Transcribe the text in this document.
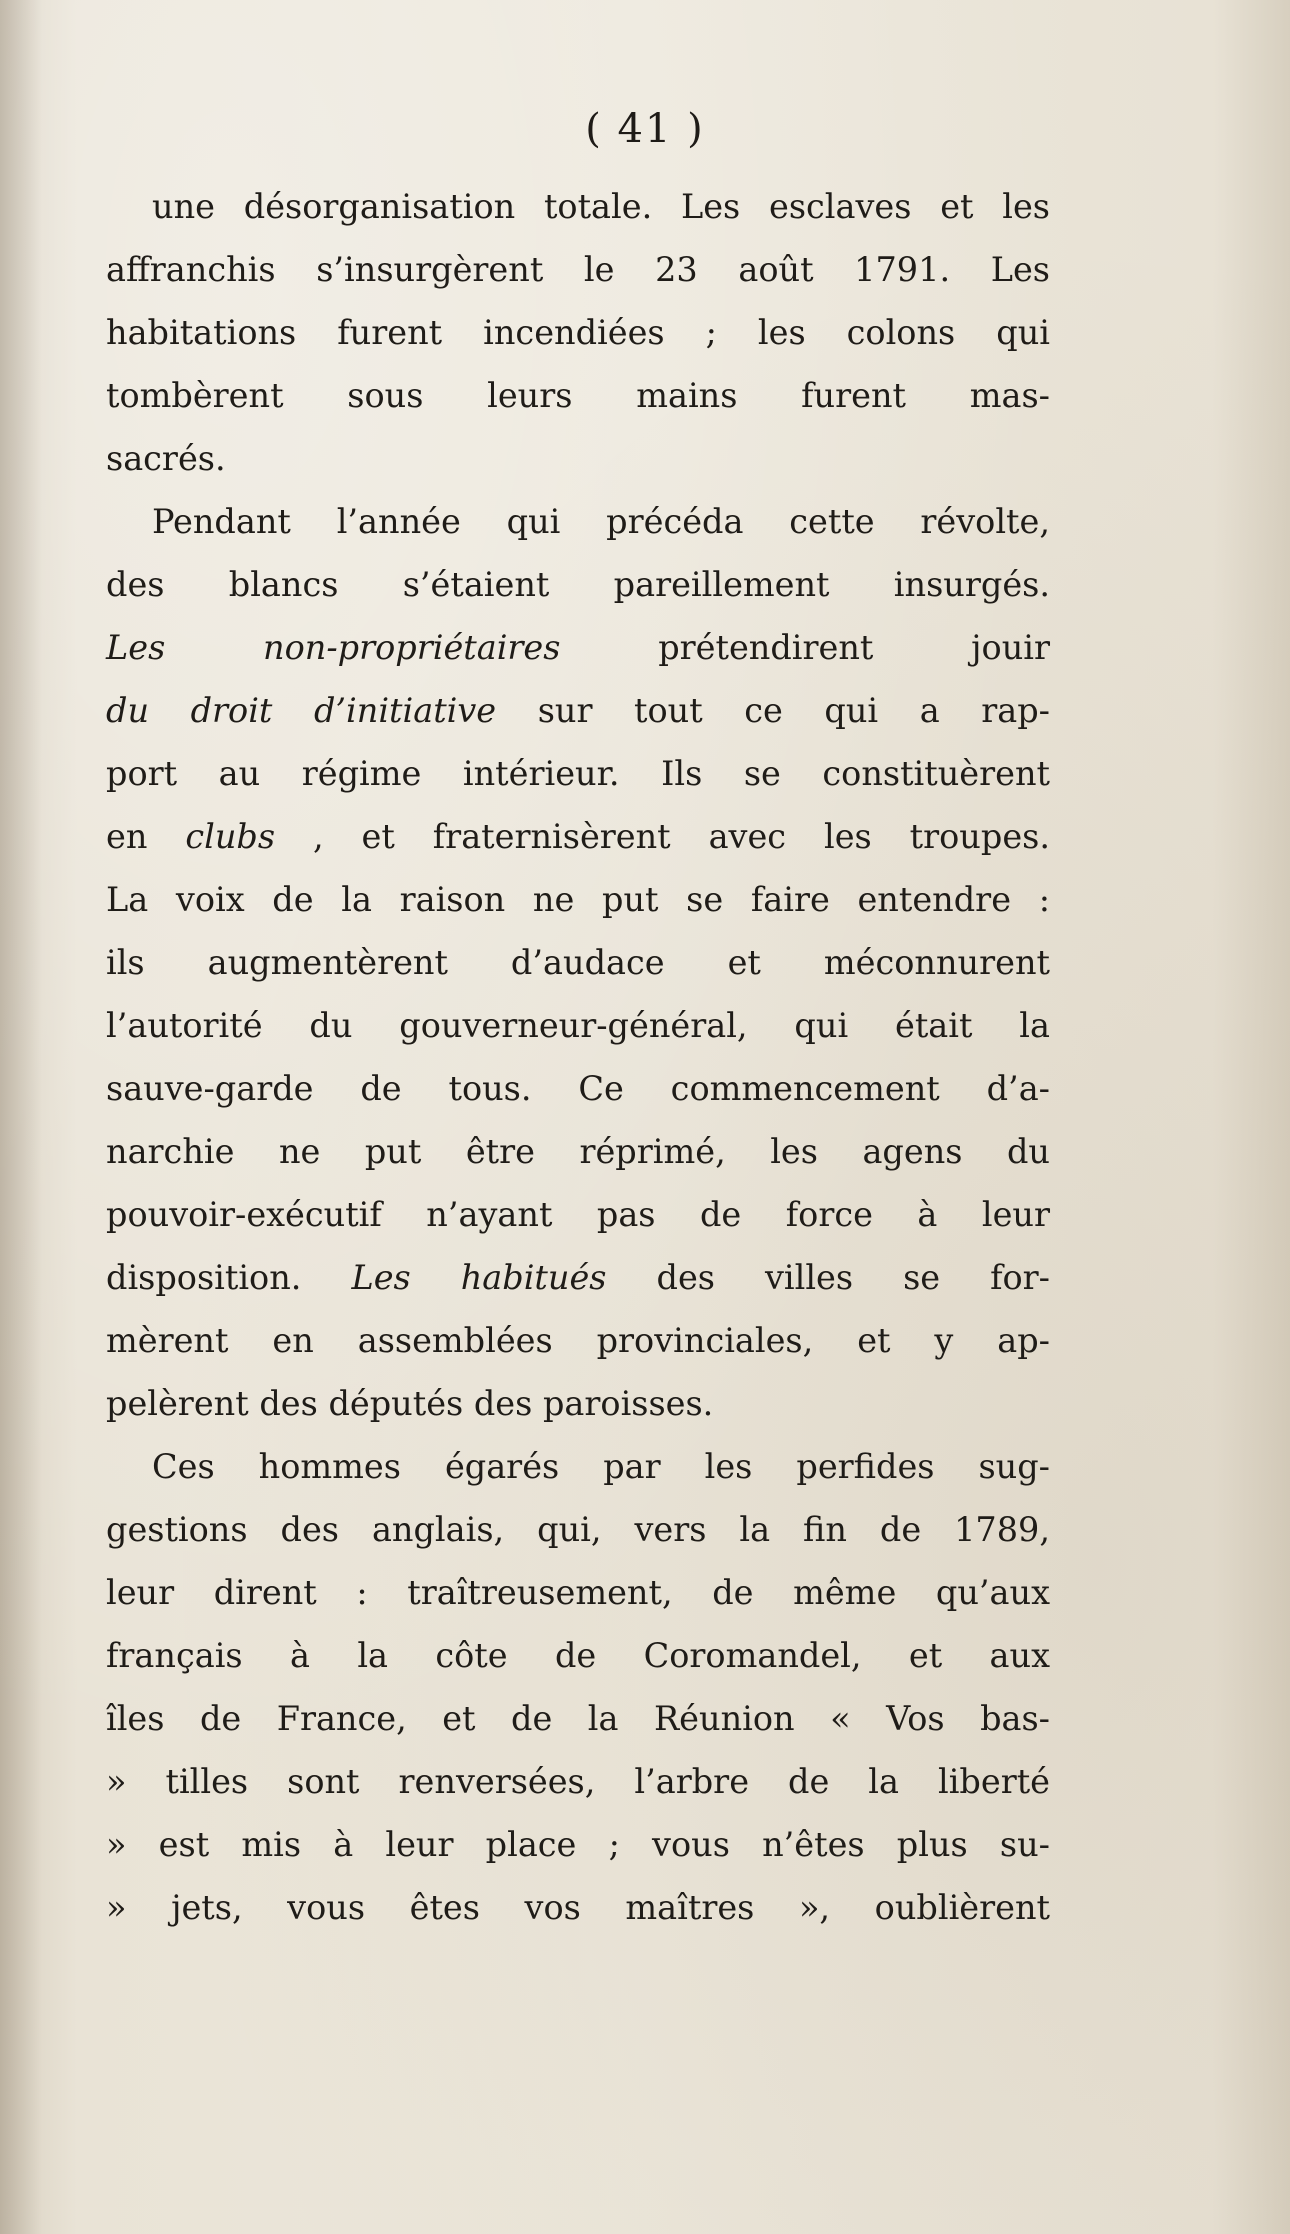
( 41 )

une désorganisation totale. Les esclaves et les
affranchis s’insurgèrent le 23 août 1791. Les
habitations furent incendiées ; les colons qui
tombèrent sous leurs mains furent mas-
sacrés.

Pendant l’année qui précéda cette révolte,
des blancs s’étaient pareillement insurgés.
Les non-propriétaires prétendirent jouir
du droit d’initiative sur tout ce qui a rap-
port au régime intérieur. Ils se constituèrent
en clubs , et fraternisèrent avec les troupes.
La voix de la raison ne put se faire entendre :
ils augmentèrent d’audace et méconnurent
l’autorité du gouverneur-général, qui était la
sauve-garde de tous. Ce commencement d’a-
narchie ne put être réprimé, les agens du
pouvoir-exécutif n’ayant pas de force à leur
disposition. Les habitués des villes se for-
mèrent en assemblées provinciales, et y ap-
pelèrent des députés des paroisses.

Ces hommes égarés par les perfides sug-
gestions des anglais, qui, vers la fin de 1789,
leur dirent : traîtreusement, de même qu’aux
français à la côte de Coromandel, et aux
îles de France, et de la Réunion « Vos bas-
» tilles sont renversées, l’arbre de la liberté
» est mis à leur place ; vous n’êtes plus su-
» jets, vous êtes vos maîtres », oublièrent
